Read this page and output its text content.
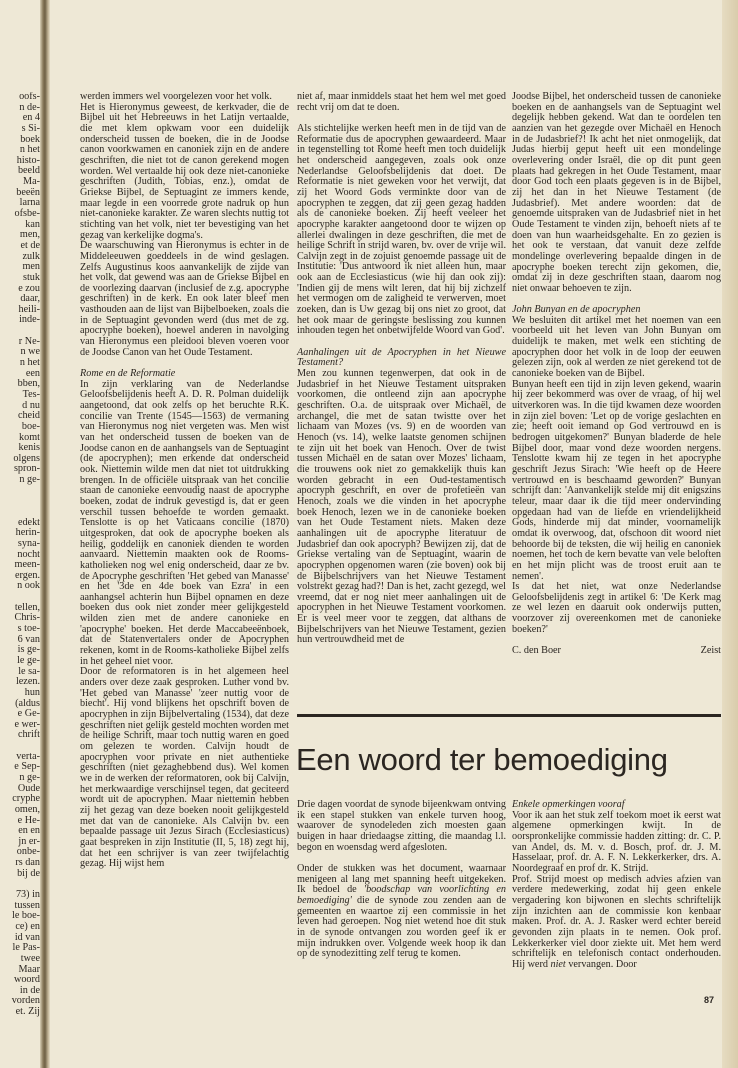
oofs-
n de-
en 4
s Si-
boek
n het
histo-
beeld
Ma-
beeën
larna
ofsbe-
kan
men,
et de
zulk
men
stuk
e zou
daar,
heili-
inde-
r Ne-
n we
n het
een
bben,
Tes-
d nu
cheid
boe-
komt
kenis
olgens
spron-
n ge-
edekt
herin-
syna-
nocht
meen-
ergen.
n ook
tellen,
Chris-
s toe-
6 van
is ge-
le ge-
le sa-
lezen.
hun
(aldus
e Ge-
e wer-
chrift
verta-
e Sep-
n ge-
Oude
cryphe
omen,
e He-
en en
jn er-
onbe-
rs dan
bij de
73) in
tussen
le boe-
ce) en
id van
le Pas-
twee
Maar
woord
in de
vorden
et. Zij

werden immers wel voorgelezen voor het volk.

Het is Hieronymus geweest, de kerkvader, die de Bijbel uit het Hebreeuws in het Latijn vertaalde, die met klem opkwam voor een duidelijk onderscheid tussen de boeken, die in de Joodse canon voorkwamen en canoniek zijn en de andere geschriften, die niet tot de canon gerekend mogen worden. Wel vertaalde hij ook deze niet-canonieke geschriften (Judith, Tobias, enz.), omdat de Griekse Bijbel, de Septuagint ze immers kende, maar legde in een voorrede grote nadruk op hun niet-canonieke karakter. Ze waren slechts nuttig tot stichting van het volk, niet ter bevestiging van het gezag van kerkelijke dogma's.

De waarschuwing van Hieronymus is echter in de Middeleeuwen goeddeels in de wind geslagen. Zelfs Augustinus koos aanvankelijk de zijde van het volk, dat gewend was aan de Griekse Bijbel en de voorlezing daarvan (inclusief de z.g. apocryphe geschriften) in de kerk. En ook later bleef men vasthouden aan de lijst van Bijbelboeken, zoals die in de Septuagint gevonden werd (dus met de zg. apocryphe boeken), hoewel anderen in navolging van Hieronymus een pleidooi bleven voeren voor de Joodse Canon van het Oude Testament.

Rome en de Reformatie

In zijn verklaring van de Nederlandse Geloofsbelijdenis heeft A. D. R. Polman duidelijk aangetoond, dat ook zelfs op het beruchte R.K. concilie van Trente (1545—1563) de vermaning van Hieronymus nog niet vergeten was. Men wist van het onderscheid tussen de boeken van de Joodse canon en de aanhangsels van de Septuagint (de apocryphen); men erkende dat onderscheid ook. Niettemin wilde men dat niet tot uitdrukking brengen. In de officiële uitspraak van het concilie staan de canonieke eenvoudig naast de apocryphe boeken, zodat de indruk gevestigd is, dat er geen verschil tussen behoefde te worden gemaakt. Tenslotte is op het Vaticaans concilie (1870) uitgesproken, dat ook de apocryphe boeken als heilig, goddelijk en canoniek dienden te worden aanvaard. Niettemin maakten ook de Rooms-katholieken nog wel enig onderscheid, daar ze bv. de Apocryphe geschriften 'Het gebed van Manasse' en het '3de en 4de boek van Ezra' in een aanhangsel achterin hun Bijbel opnamen en deze boeken dus ook niet zonder meer gelijkgesteld wilden zien met de andere canonieke en 'apocryphe' boeken. Het derde Maccabeeënboek, dat de Statenvertalers onder de Apocryphen rekenen, komt in de Rooms-katholieke Bijbel zelfs in het geheel niet voor.

Door de reformatoren is in het algemeen heel anders over deze zaak gesproken. Luther vond bv. 'Het gebed van Manasse' 'zeer nuttig voor de biecht'. Hij vond blijkens het opschrift boven de apocryphen in zijn Bijbelvertaling (1534), dat deze geschriften niet gelijk gesteld mochten worden met de heilige Schrift, maar toch nuttig waren en goed om gelezen te worden. Calvijn houdt de apocryphen voor private en niet authentieke geschriften (niet gezaghebbend dus). Wel komen we in de werken der reformatoren, ook bij Calvijn, het merkwaardige verschijnsel tegen, dat geciteerd wordt uit de apocryphen. Maar niettemin hebben zij het gezag van deze boeken nooit gelijkgesteld met dat van de canonieke. Als Calvijn bv. een bepaalde passage uit Jezus Sirach (Ecclesiasticus) gaat bespreken in zijn Institutie (II, 5, 18) zegt hij, dat het een schrijver is van zeer twijfelachtig gezag. Hij wijst hem

niet af, maar inmiddels staat het hem wel met goed recht vrij om dat te doen.

Als stichtelijke werken heeft men in de tijd van de Reformatie dus de apocryphen gewaardeerd. Maar in tegenstelling tot Rome heeft men toch duidelijk het onderscheid aangegeven, zoals ook onze Nederlandse Geloofsbelijdenis dat doet. De Reformatie is niet geweken voor het verwijt, dat zij het Woord Gods verminkte door van de apocryphen te zeggen, dat zij geen gezag hadden als de canonieke boeken. Zij heeft veeleer het apocryphe karakter aangetoond door te wijzen op allerlei dwalingen in deze geschriften, die met de heilige Schrift in strijd waren, bv. over de vrije wil. Calvijn zegt in de zojuist genoemde passage uit de Institutie: 'Dus antwoord ik niet alleen hun, maar ook aan de Ecclesiasticus (wie hij dan ook zij): 'Indien gij de mens wilt leren, dat hij bij zichzelf het vermogen om de zaligheid te verwerven, moet zoeken, dan is Uw gezag bij ons niet zo groot, dat het ook maar de geringste beslissing zou kunnen inhouden tegen het onbetwijfelde Woord van God'.

Aanhalingen uit de Apocryphen in het Nieuwe Testament?

Men zou kunnen tegenwerpen, dat ook in de Judasbrief in het Nieuwe Testament uitspraken voorkomen, die ontleend zijn aan apocryphe geschriften. O.a. de uitspraak over Michaël, de archangel, die met de satan twistte over het lichaam van Mozes (vs. 9) en de woorden van Henoch (vs. 14), welke laatste genomen schijnen te zijn uit het boek van Henoch. Over de twist tussen Michaël en de satan over Mozes' lichaam, die trouwens ook niet zo gemakkelijk thuis kan worden gebracht in een Oud-testamentisch apocryph geschrift, en over de profetieën van Henoch, zoals we die vinden in het apocryphe boek Henoch, lezen we in de canonieke boeken van het Oude Testament niets. Maken deze aanhalingen uit de apocryphe literatuur de Judasbrief dan ook apocryph? Bewijzen zij, dat de Griekse vertaling van de Septuagint, waarin de apocryphen opgenomen waren (zie boven) ook bij de Bijbelschrijvers van het Nieuwe Testament volstrekt gezag had?! Dan is het, zacht gezegd, wel vreemd, dat er nog niet meer aanhalingen uit de apocryphen in het Nieuwe Testament voorkomen. Er is veel meer voor te zeggen, dat althans de Bijbelschrijvers van het Nieuwe Testament, gezien hun vertrouwdheid met de

Joodse Bijbel, het onderscheid tussen de canonieke boeken en de aanhangsels van de Septuagint wel degelijk hebben gekend. Wat dan te oordelen ten aanzien van het gezegde over Michaël en Henoch in de Judasbrief?! Ik acht het niet onmogelijk, dat Judas hierbij geput heeft uit een mondelinge overlevering onder Israël, die op dit punt geen plaats had gekregen in het Oude Testament, maar door God toch een plaats gegeven is in de Bijbel, zij het dan in het Nieuwe Testament (de Judasbrief). Met andere woorden: dat de genoemde uitspraken van de Judasbrief niet in het Oude Testament te vinden zijn, behoeft niets af te doen van hun waarheidsgehalte. En zo gezien is het ook te verstaan, dat vanuit deze zelfde mondelinge overlevering bepaalde dingen in de apocryphe boeken terecht zijn gekomen, die, omdat zij in deze geschriften staan, daarom nog niet onwaar behoeven te zijn.

John Bunyan en de apocryphen

We besluiten dit artikel met het noemen van een voorbeeld uit het leven van John Bunyan om duidelijk te maken, met welk een stichting de apocryphen door het volk in de loop der eeuwen gelezen zijn, ook al werden ze niet gerekend tot de canonieke boeken van de Bijbel.

Bunyan heeft een tijd in zijn leven gekend, waarin hij zeer bekommerd was over de vraag, of hij wel uitverkoren was. In die tijd kwamen deze woorden in zijn ziel boven: 'Let op de vorige geslachten en zie; heeft ooit iemand op God vertrouwd en is bedrogen uitgekomen?' Bunyan bladerde de hele Bijbel door, maar vond deze woorden nergens. Tenslotte kwam hij ze tegen in het apocryphe geschrift Jezus Sirach: 'Wie heeft op de Heere vertrouwd en is beschaamd geworden?' Bunyan schrijft dan: 'Aanvankelijk stelde mij dit enigszins teleur, maar daar ik die tijd meer ondervinding opgedaan had van de liefde en vriendelijkheid Gods, hinderde mij dat minder, voornamelijk omdat ik overwoog, dat, ofschoon dit woord niet behoorde bij de teksten, die wij heilig en canoniek noemen, het toch de kern bevatte van vele beloften en het mijn plicht was de troost eruit aan te nemen'.

Is dat het niet, wat onze Nederlandse Geloofsbelijdenis zegt in artikel 6: 'De Kerk mag ze wel lezen en daaruit ook onderwijs putten, voorzover zij overeenkomen met de canonieke boeken?'

C. den Boer	Zeist
Een woord ter bemoediging

Drie dagen voordat de synode bijeenkwam ontving ik een stapel stukken van enkele turven hoog, waarover de synodeleden zich moesten gaan buigen in haar driedaagse zitting, die maandag l.l. begon en woensdag werd afgesloten.

Onder de stukken was het document, waarnaar menigeen al lang met spanning heeft uitgekeken. Ik bedoel de 'boodschap van voorlichting en bemoediging' die de synode zou zenden aan de gemeenten en waartoe zij een commissie in het leven had geroepen. Nog niet wetend hoe dit stuk in de synode ontvangen zou worden geef ik er mijn indrukken over. Volgende week hoop ik dan op de synodezitting zelf terug te komen.

Enkele opmerkingen vooraf

Voor ik aan het stuk zelf toekom moet ik eerst wat algemene opmerkingen kwijt. In de oorspronkelijke commissie hadden zitting: dr. C. P. van Andel, ds. M. v. d. Bosch, prof. dr. J. M. Hasselaar, prof. dr. A. F. N. Lekkerkerker, drs. A. Noordegraaf en prof dr. K. Strijd.

Prof. Strijd moest op medisch advies afzien van verdere medewerking, zodat hij geen enkele vergadering kon bijwonen en slechts schriftelijk zijn inzichten aan de commissie kon kenbaar maken. Prof. dr. A. J. Rasker werd echter bereid gevonden zijn plaats in te nemen. Ook prof. Lekkerkerker viel door ziekte uit. Met hem werd schriftelijk en telefonisch contact onderhouden. Hij werd niet vervangen. Door

87
